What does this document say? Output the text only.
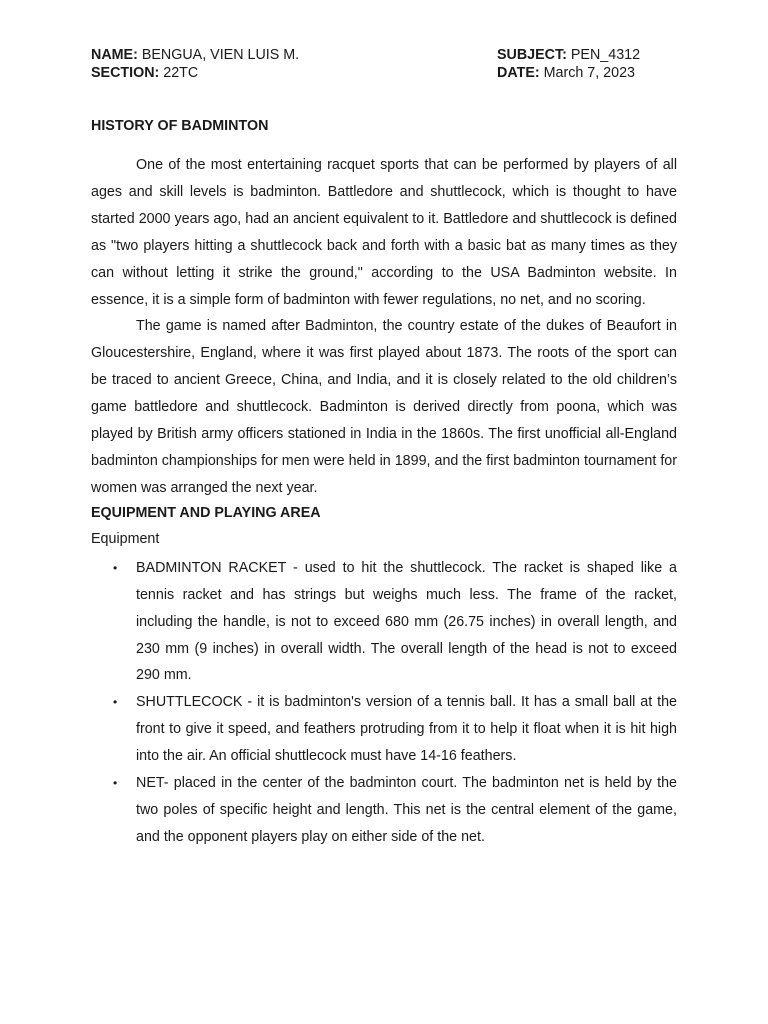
NAME: BENGUA, VIEN LUIS M.
SECTION: 22TC
SUBJECT: PEN_4312
DATE: March 7, 2023
HISTORY OF BADMINTON

One of the most entertaining racquet sports that can be performed by players of all ages and skill levels is badminton. Battledore and shuttlecock, which is thought to have started 2000 years ago, had an ancient equivalent to it. Battledore and shuttlecock is defined as "two players hitting a shuttlecock back and forth with a basic bat as many times as they can without letting it strike the ground," according to the USA Badminton website. In essence, it is a simple form of badminton with fewer regulations, no net, and no scoring.

The game is named after Badminton, the country estate of the dukes of Beaufort in Gloucestershire, England, where it was first played about 1873. The roots of the sport can be traced to ancient Greece, China, and India, and it is closely related to the old children’s game battledore and shuttlecock. Badminton is derived directly from poona, which was played by British army officers stationed in India in the 1860s. The first unofficial all-England badminton championships for men were held in 1899, and the first badminton tournament for women was arranged the next year.

EQUIPMENT AND PLAYING AREA
Equipment
• BADMINTON RACKET - used to hit the shuttlecock. The racket is shaped like a tennis racket and has strings but weighs much less. The frame of the racket, including the handle, is not to exceed 680 mm (26.75 inches) in overall length, and 230 mm (9 inches) in overall width. The overall length of the head is not to exceed 290 mm.
• SHUTTLECOCK - it is badminton's version of a tennis ball. It has a small ball at the front to give it speed, and feathers protruding from it to help it float when it is hit high into the air. An official shuttlecock must have 14-16 feathers.
• NET- placed in the center of the badminton court. The badminton net is held by the two poles of specific height and length. This net is the central element of the game, and the opponent players play on either side of the net.
